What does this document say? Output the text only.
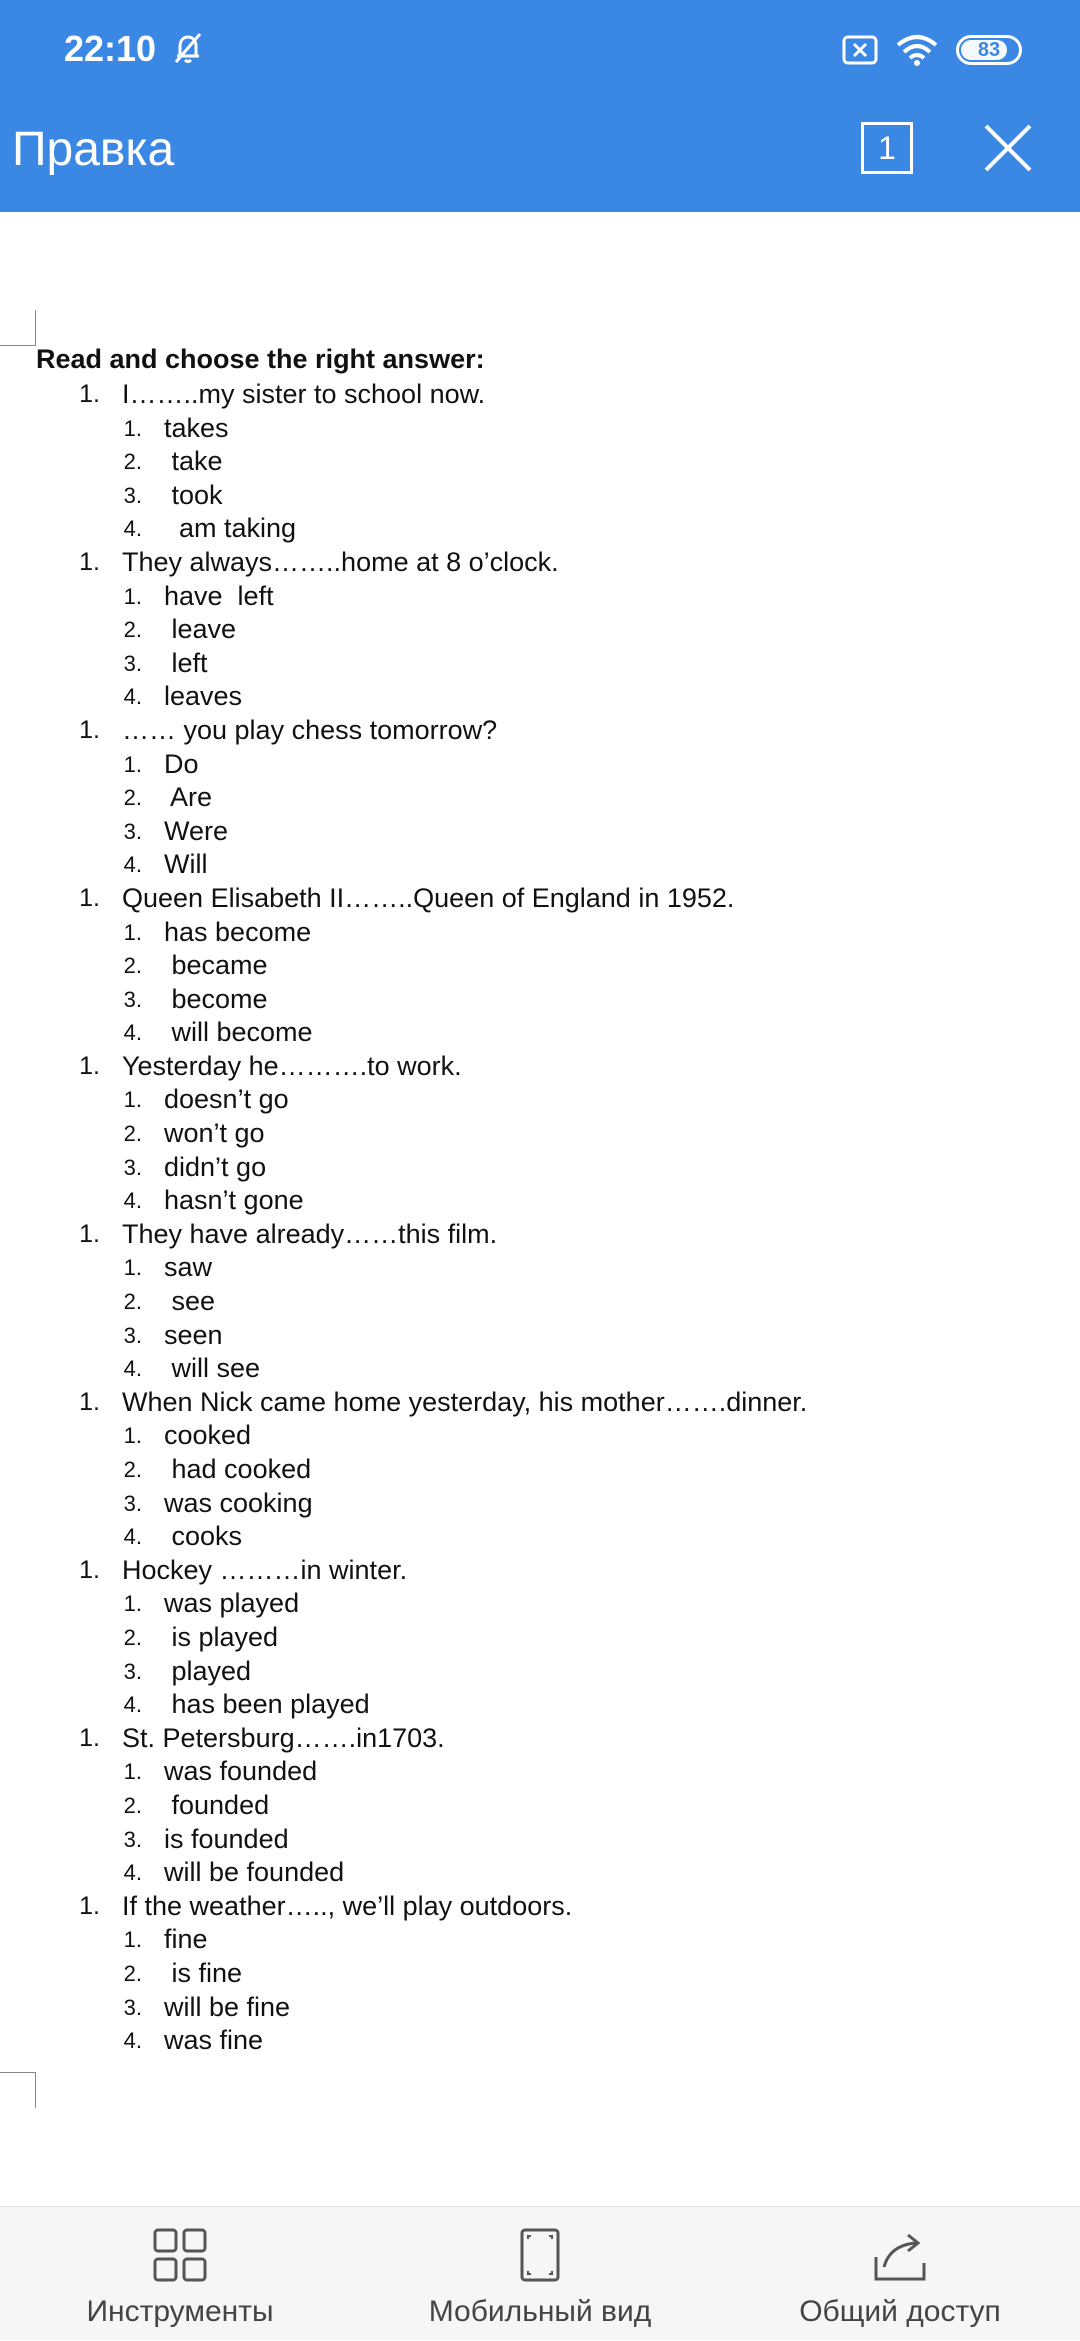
22:10	83
Правка	1
Read and choose the right answer:
1. I……..my sister to school now.
1. takes
2. take
3. took
4. am taking
1. They always……..home at 8 o’clock.
1. have  left
2. leave
3. left
4. leaves
1. …… you play chess tomorrow?
1. Do
2. Are
3. Were
4. Will
1. Queen Elisabeth II……..Queen of England in 1952.
1. has become
2. became
3. become
4. will become
1. Yesterday he……….to work.
1. doesn’t go
2. won’t go
3. didn’t go
4. hasn’t gone
1. They have already……this film.
1. saw
2. see
3. seen
4. will see
1. When Nick came home yesterday, his mother…….dinner.
1. cooked
2. had cooked
3. was cooking
4. cooks
1. Hockey ………in winter.
1. was played
2. is played
3. played
4. has been played
1. St. Petersburg…….in1703.
1. was founded
2. founded
3. is founded
4. will be founded
1. If the weather….., we’ll play outdoors.
1. fine
2. is fine
3. will be fine
4. was fine
Инструменты	Мобильный вид	Общий доступ
